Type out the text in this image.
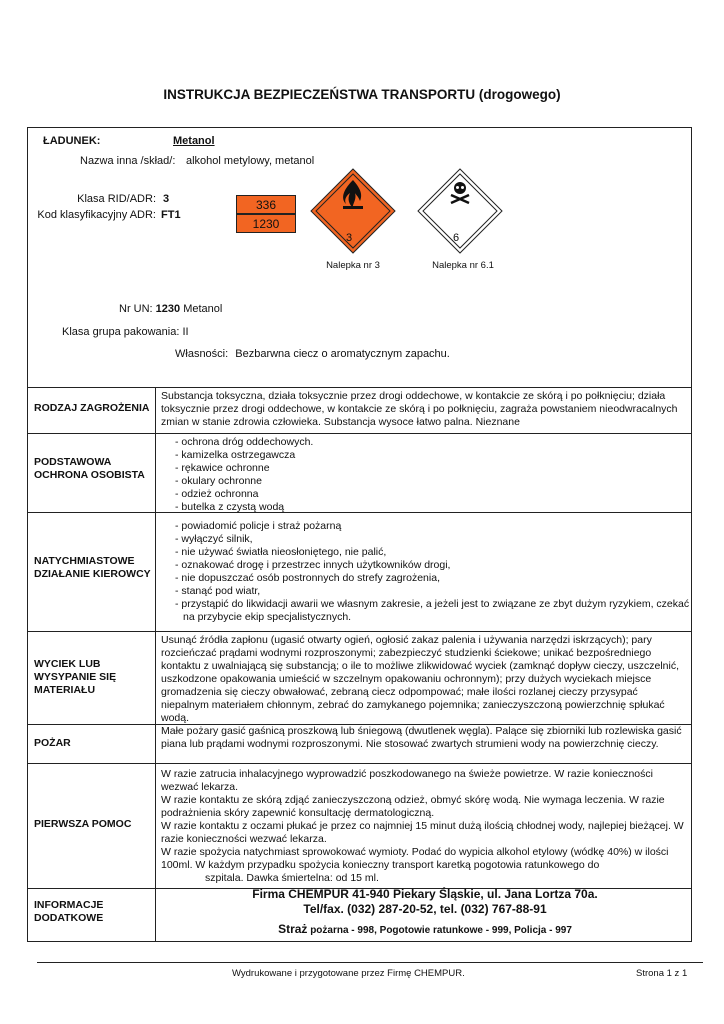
INSTRUKCJA BEZPIECZEŃSTWA TRANSPORTU (drogowego)
ŁADUNEK:	Metanol
Nazwa inna /skład/: alkohol metylowy, metanol
Klasa RID/ADR: 3
Kod klasyfikacyjny ADR: FT1
336
1230
3
Nalepka nr 3
6
Nalepka nr 6.1
Nr UN: 1230 Metanol
Klasa grupa pakowania: II
Własności: Bezbarwna ciecz o aromatycznym zapachu.
RODZAJ ZAGROŻENIA
Substancja toksyczna, działa toksycznie przez drogi oddechowe, w kontakcie ze skórą i po połknięciu; działa toksycznie przez drogi oddechowe, w kontakcie ze skórą i po połknięciu, zagraża powstaniem nieodwracalnych zmian w stanie zdrowia człowieka. Substancja wysoce łatwo palna. Nieznane
PODSTAWOWA OCHRONA OSOBISTA
- ochrona dróg oddechowych.
- kamizelka ostrzegawcza
- rękawice ochronne
- okulary ochronne
- odzież ochronna
- butelka z czystą wodą
NATYCHMIASTOWE DZIAŁANIE KIEROWCY
- powiadomić policje i straż pożarną
- wyłączyć silnik,
- nie używać światła nieosłoniętego, nie palić,
- oznakować drogę i przestrzec innych użytkowników drogi,
- nie dopuszczać osób postronnych do strefy zagrożenia,
- stanąć pod wiatr,
- przystąpić do likwidacji awarii we własnym zakresie, a jeżeli jest to związane ze zbyt dużym ryzykiem, czekać na przybycie ekip specjalistycznych.
WYCIEK LUB WYSYPANIE SIĘ MATERIAŁU
Usunąć źródła zapłonu (ugasić otwarty ogień, ogłosić zakaz palenia i używania narzędzi iskrzących); pary rozcieńczać prądami wodnymi rozproszonymi; zabezpieczyć studzienki ściekowe; unikać bezpośredniego kontaktu z uwalniającą się substancją; o ile to możliwe zlikwidować wyciek (zamknąć dopływ cieczy, uszczelnić, uszkodzone opakowania umieścić w szczelnym opakowaniu ochronnym); przy dużych wyciekach miejsce gromadzenia się cieczy obwałować, zebraną ciecz odpompować; małe ilości rozlanej cieczy przysypać niepalnym materiałem chłonnym, zebrać do zamykanego pojemnika; zanieczyszczoną powierzchnię spłukać wodą.
POŻAR
Małe pożary gasić gaśnicą proszkową lub śniegową (dwutlenek węgla). Palące się zbiorniki lub rozlewiska gasić piana lub prądami wodnymi rozproszonymi. Nie stosować zwartych strumieni wody na powierzchnię cieczy.
PIERWSZA POMOC

W razie zatrucia inhalacyjnego wyprowadzić poszkodowanego na świeże powietrze. W razie konieczności wezwać lekarza.

W razie kontaktu ze skórą zdjąć zanieczyszczoną odzież, obmyć skórę wodą. Nie wymaga leczenia. W razie podrażnienia skóry zapewnić konsultację dermatologiczną.

W razie kontaktu z oczami płukać je przez co najmniej 15 minut dużą ilością chłodnej wody, najlepiej bieżącej. W razie konieczności wezwać lekarza.

W razie spożycia natychmiast sprowokować wymioty. Podać do wypicia alkohol etylowy (wódkę 40%) w ilości 100ml. W każdym przypadku spożycia konieczny transport karetką pogotowia ratunkowego do

szpitala. Dawka śmiertelna: od 15 ml.

INFORMACJE DODATKOWE
Firma CHEMPUR 41-940 Piekary Śląskie, ul. Jana Lortza 70a.
Tel/fax. (032) 287-20-52, tel. (032) 767-88-91
Straż pożarna - 998, Pogotowie ratunkowe - 999, Policja - 997
Wydrukowane i przygotowane przez Firmę CHEMPUR.	Strona 1 z 1
